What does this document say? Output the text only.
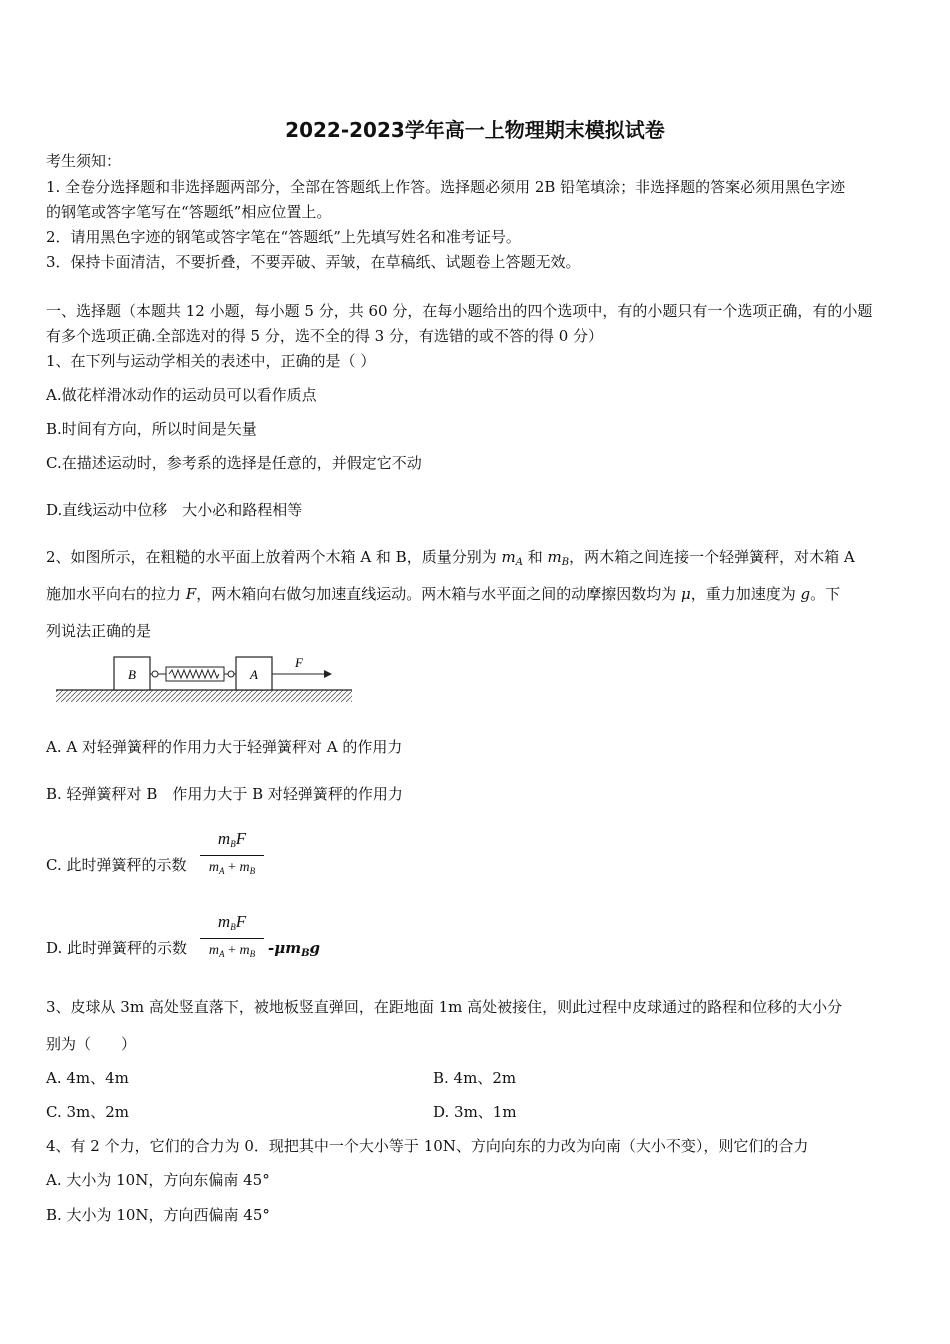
2022-2023学年高一上物理期末模拟试卷
考生须知：
1. 全卷分选择题和非选择题两部分，全部在答题纸上作答。选择题必须用 2B 铅笔填涂；非选择题的答案必须用黑色字迹
的钢笔或答字笔写在“答题纸”相应位置上。
2．请用黑色字迹的钢笔或答字笔在“答题纸”上先填写姓名和准考证号。
3．保持卡面清洁，不要折叠，不要弄破、弄皱，在草稿纸、试题卷上答题无效。
一、选择题（本题共 12 小题，每小题 5 分，共 60 分，在每小题给出的四个选项中，有的小题只有一个选项正确，有的小题
有多个选项正确.全部选对的得 5 分，选不全的得 3 分，有选错的或不答的得 0 分）
1、在下列与运动学相关的表述中，正确的是（ ）
A.做花样滑冰动作的运动员可以看作质点
B.时间有方向，所以时间是矢量
C.在描述运动时，参考系的选择是任意的，并假定它不动
D.直线运动中位移　大小必和路程相等
2、如图所示，在粗糙的水平面上放着两个木箱 A 和 B，质量分别为 $m_A$ 和 $m_B$，两木箱之间连接一个轻弹簧秤，对木箱 A
施加水平向右的拉力 F，两木箱向右做匀加速直线运动。两木箱与水平面之间的动摩擦因数均为 μ，重力加速度为 g。下
列说法正确的是
B	A
F
A. A 对轻弹簧秤的作用力大于轻弹簧秤对 A 的作用力
B. 轻弹簧秤对 B　作用力大于 B 对轻弹簧秤的作用力
C. 此时弹簧秤的示数
mBF
$m_A + m_B$
D. 此时弹簧秤的示数
mBF
$m_A + m_B$ $-\mu m_Bg$
3、皮球从 3m 高处竖直落下，被地板竖直弹回，在距地面 1m 高处被接住，则此过程中皮球通过的路程和位移的大小分
别为（　　）
A. 4m、4m	B. 4m、2m
C. 3m、2m	D. 3m、1m
4、有 2 个力，它们的合力为 0．现把其中一个大小等于 10N、方向向东的力改为向南（大小不变），则它们的合力
A. 大小为 10N，方向东偏南 45°
B. 大小为 10N，方向西偏南 45°
